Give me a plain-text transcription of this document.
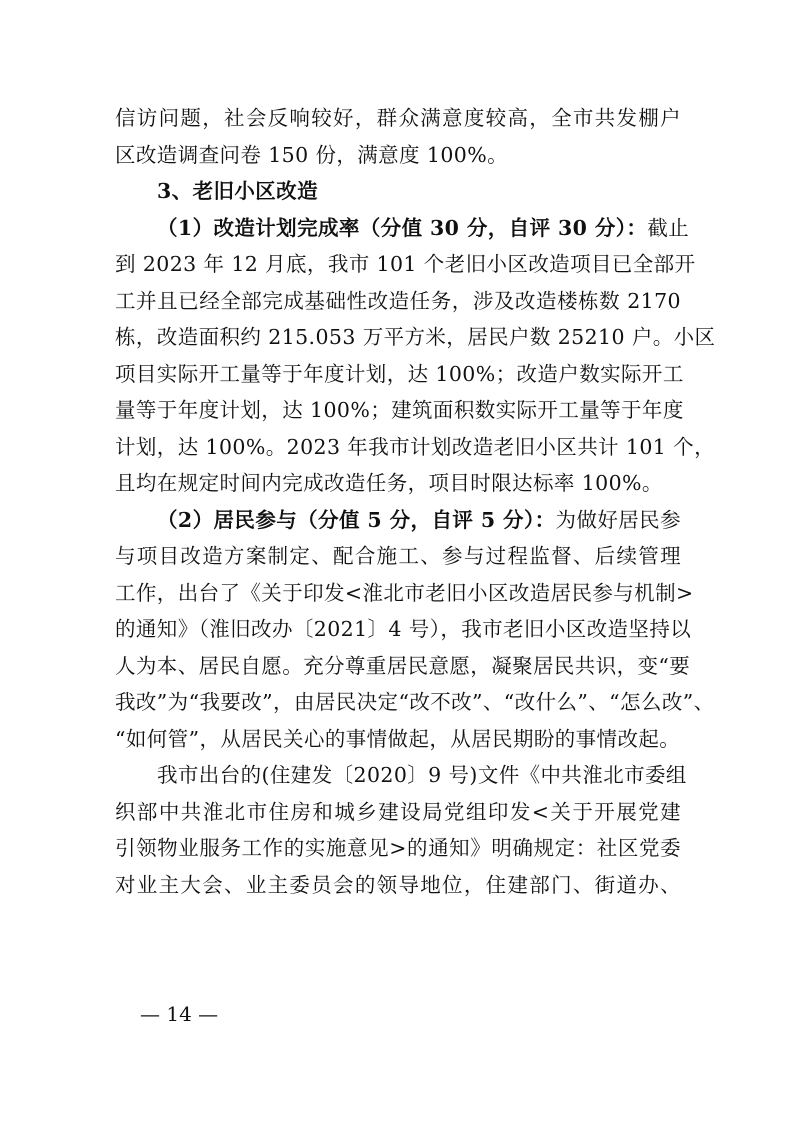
信访问题，社会反响较好，群众满意度较高，全市共发棚户
区改造调查问卷 150 份，满意度 100%。
3、老旧小区改造
（1）改造计划完成率（分值 30 分，自评 30 分）：截止
到 2023 年 12 月底，我市 101 个老旧小区改造项目已全部开
工并且已经全部完成基础性改造任务，涉及改造楼栋数 2170
栋，改造面积约 215.053 万平方米，居民户数 25210 户。小区
项目实际开工量等于年度计划，达 100%；改造户数实际开工
量等于年度计划，达 100%；建筑面积数实际开工量等于年度
计划，达 100%。2023 年我市计划改造老旧小区共计 101 个，
且均在规定时间内完成改造任务，项目时限达标率 100%。
（2）居民参与（分值 5 分，自评 5 分）：为做好居民参
与项目改造方案制定、配合施工、参与过程监督、后续管理
工作，出台了《关于印发<淮北市老旧小区改造居民参与机制>
的通知》（淮旧改办〔2021〕4 号），我市老旧小区改造坚持以
人为本、居民自愿。充分尊重居民意愿，凝聚居民共识，变“要
我改”为“我要改”，由居民决定“改不改”、“改什么”、“怎么改”、
“如何管”，从居民关心的事情做起，从居民期盼的事情改起。
我市出台的(住建发〔2020〕9 号)文件《中共淮北市委组
织部中共淮北市住房和城乡建设局党组印发<关于开展党建
引领物业服务工作的实施意见>的通知》明确规定：社区党委
对业主大会、业主委员会的领导地位，住建部门、街道办、
— 14 —
